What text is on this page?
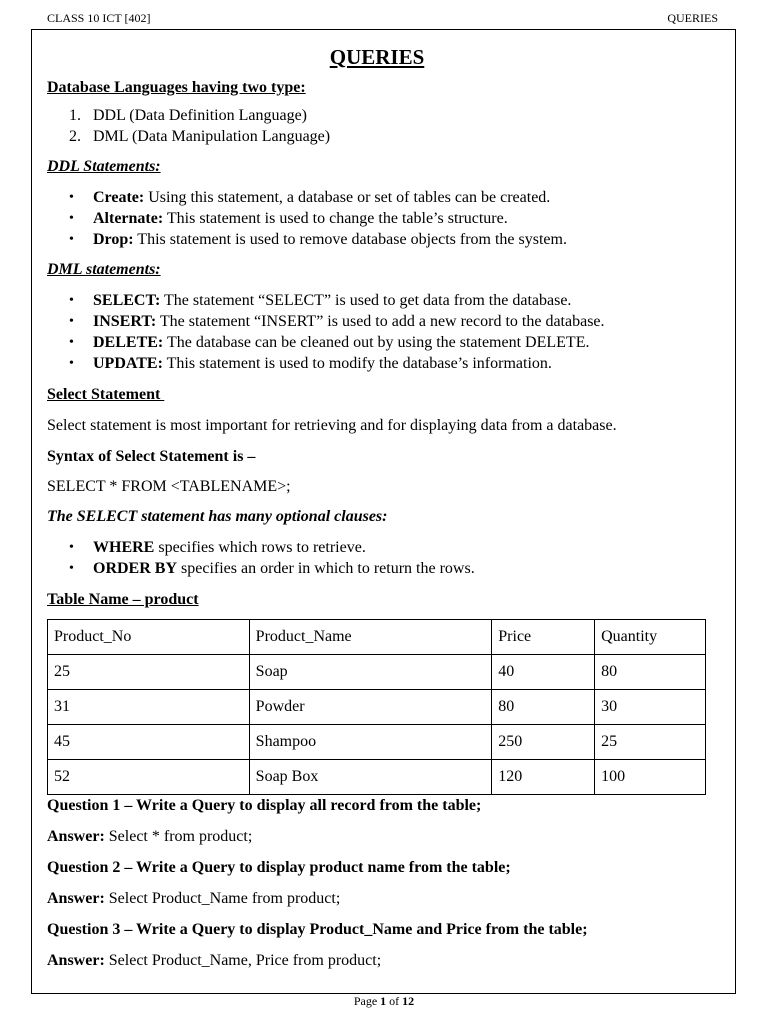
CLASS 10 ICT [402]	QUERIES
QUERIES

Database Languages having two type:

1. DDL (Data Definition Language)
2. DML (Data Manipulation Language)

DDL Statements:

• Create: Using this statement, a database or set of tables can be created.
• Alternate: This statement is used to change the table’s structure.
• Drop: This statement is used to remove database objects from the system.

DML statements:

• SELECT: The statement “SELECT” is used to get data from the database.
• INSERT: The statement “INSERT” is used to add a new record to the database.
• DELETE: The database can be cleaned out by using the statement DELETE.
• UPDATE: This statement is used to modify the database’s information.

Select Statement

Select statement is most important for retrieving and for displaying data from a database.

Syntax of Select Statement is –

SELECT * FROM <TABLENAME>;

The SELECT statement has many optional clauses:

• WHERE specifies which rows to retrieve.
• ORDER BY specifies an order in which to return the rows.

Table Name – product

Product_No	Product_Name	Price	Quantity
25	Soap	40	80
31	Powder	80	30
45	Shampoo	250	25
52	Soap Box	120	100

Question 1 – Write a Query to display all record from the table;

Answer: Select * from product;

Question 2 – Write a Query to display product name from the table;

Answer: Select Product_Name from product;

Question 3 – Write a Query to display Product_Name and Price from the table;

Answer: Select Product_Name, Price from product;

Page 1 of 12
